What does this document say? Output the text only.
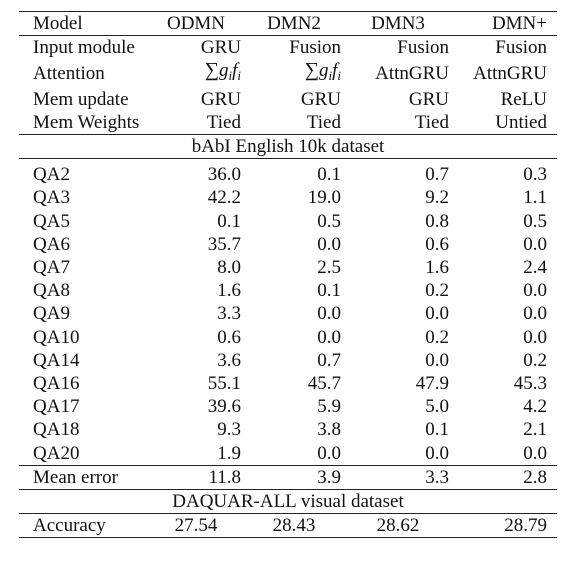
Model	ODMN	DMN2	DMN3	DMN+
Input module	GRU	Fusion	Fusion	Fusion
Attention	$\sum g_if_i$	$\sum g_if_i$	AttnGRU	AttnGRU
Mem update	GRU	GRU	GRU	ReLU
Mem Weights	Tied	Tied	Tied	Untied
bAbI English 10k dataset				
QA2	36.0	0.1	0.7	0.3
QA3	42.2	19.0	9.2	1.1
QA5	0.1	0.5	0.8	0.5
QA6	35.7	0.0	0.6	0.0
QA7	8.0	2.5	1.6	2.4
QA8	1.6	0.1	0.2	0.0
QA9	3.3	0.0	0.0	0.0
QA10	0.6	0.0	0.2	0.0
QA14	3.6	0.7	0.0	0.2
QA16	55.1	45.7	47.9	45.3
QA17	39.6	5.9	5.0	4.2
QA18	9.3	3.8	0.1	2.1
QA20	1.9	0.0	0.0	0.0
Mean error	11.8	3.9	3.3	2.8
DAQUAR-ALL visual dataset				
Accuracy	27.54	28.43	28.62	28.79
